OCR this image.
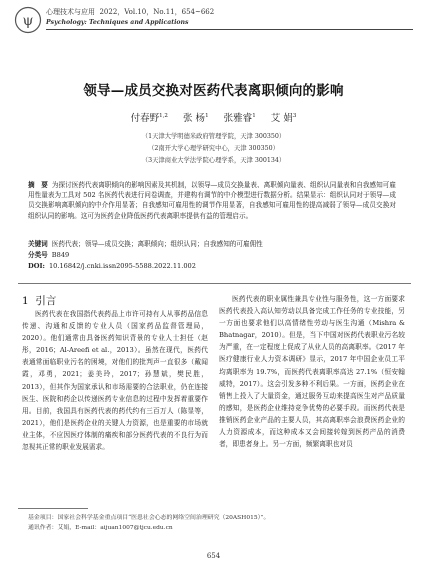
ψ
心理技术与应用 2022，Vol.10，No.11，654~662
Psychology: Techniques and Applications
领导—成员交换对医药代表离职倾向的影响
付春野$^{1,2}$ 张 杨$^1$ 张雅睿$^1$ 艾 娟$^3$
（1天津大学明德米政府管理学院，天津 300350）
（2南开大学心理学研究中心，天津 300350）
（3天津商业大学法学院心理学系，天津 300134）
摘　要 为探讨医药代表离职倾向的影响因素及其机制，以领导—成员交换量表、离职倾向量表、组织认同量表和自我感知可雇用性量表为工具对 502 名医药代表进行问卷调查，并建构有调节的中介模型进行数据分析。结果显示：组织认同对于领导—成员交换影响离职倾向的中介作用显著；自我感知可雇用性的调节作用显著，自我感知可雇用性的提高减弱了领导—成员交换对组织认同的影响。这可为医药企业降低医药代表离职率提供有益的管理启示。
关键词 医药代表；领导—成员交换；离职倾向；组织认同；自我感知的可雇佣性
分类号 B849
DOI: 10.16842/j.cnki.issn2095-5588.2022.11.002
1 引言

医药代表在我国指代表药品上市许可持有人从事药品信息传递、沟通和反馈的专业人员（国家药品监督管理局，2020）。他们通常由具备医药知识背景的专业人士担任（赵彤，2016；Al-Areefi et al.，2013）。虽然在现代，医药代表通常面临职业污名的困境，对他们的批判声一直很多（戴闻霞，邓勇，2021；姜美玲，2017；孙慧斌，樊民胜，2013），但其作为国家承认和市场需要的合法职业，仍在连接医生、医院和药企以传递医药专业信息的过程中发挥着重要作用。目前，我国具有医药代表的药代约有三百万人（陈显等，2021），他们是医药企业的关键人力资源，也是重要的市场就业主体，不应因医疗体制的痛疾和部分医药代表的不良行为而忽视其正常的职业发展需求。

医药代表的职业属性兼具专业性与服务性，这一方面要求医药代表投入高认知劳动以具备完成工作任务的专业技能，另一方面也要求他们以高情绪性劳动与医生沟通（Mishra & Bhatnagar，2010）。但是，当下中国对医药代表职业污名较为严重，在一定程度上促成了从业人员的高离职率。《2017 年医疗健康行业人力资本调研》显示，2017 年中国企业员工平均离职率为 19.7%，而医药代表离职率高达 27.1%（恒安翰威特，2017）。这会引发多种不利后果。一方面，医药企业在销售上投入了大量资金，通过服务互动来提高医生对产品质量的感知，是医药企业维持竞争优势的必要手段。而医药代表是推销医药企业产品的主要人员，其高离职率会浪费医药企业的人力资源成本，而这种成本又会间接转嫁到医药产品的消费者，即患者身上。另一方面，频繁离职也对员

基金项目：国家社会科学基金重点项目“医患社会心态的网络空间治理研究（20ASH015）”。
通讯作者：艾娟，E-mail：aijuan1007@tjcu.edu.cn
654
